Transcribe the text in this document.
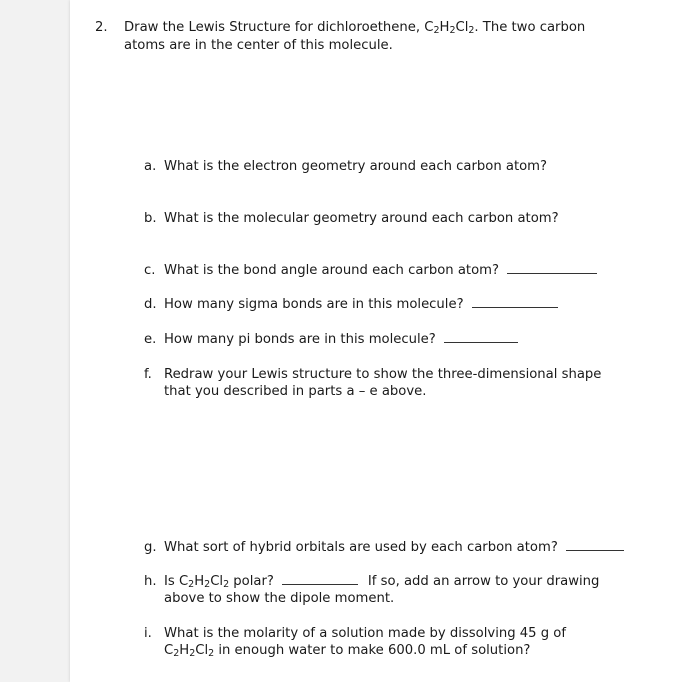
2. Draw the Lewis Structure for dichloroethene, $C_2H_2Cl_2$. The two carbon
atoms are in the center of this molecule.
a. What is the electron geometry around each carbon atom?
b. What is the molecular geometry around each carbon atom?
c. What is the bond angle around each carbon atom?
d. How many sigma bonds are in this molecule?
e. How many pi bonds are in this molecule?
f. Redraw your Lewis structure to show the three-dimensional shape
that you described in parts a – e above.
g. What sort of hybrid orbitals are used by each carbon atom?
h. Is $C_2H_2Cl_2$ polar?	If so, add an arrow to your drawing
above to show the dipole moment.
i. What is the molarity of a solution made by dissolving 45 g of
$C_2H_2Cl_2$ in enough water to make 600.0 mL of solution?
